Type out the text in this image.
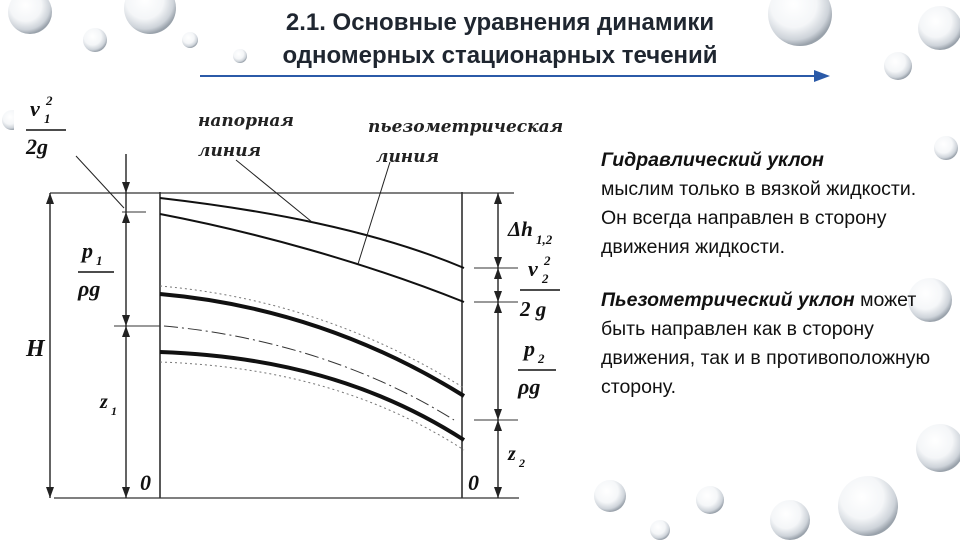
2.1. Основные уравнения динамики
одномерных стационарных течений
напорная
линия
пьезометрическая
линия
v 1
2
2g
p 1
ρg
H
z 1
0
Δh 1,2
v 2
2
2 g
p 2
ρg
z 2
0

Гидравлический уклон
мыслим только в вязкой жидкости. Он всегда направлен в сторону движения жидкости.

Пьезометрический уклон может быть направлен как в сторону движения, так и в противоположную сторону.

37
